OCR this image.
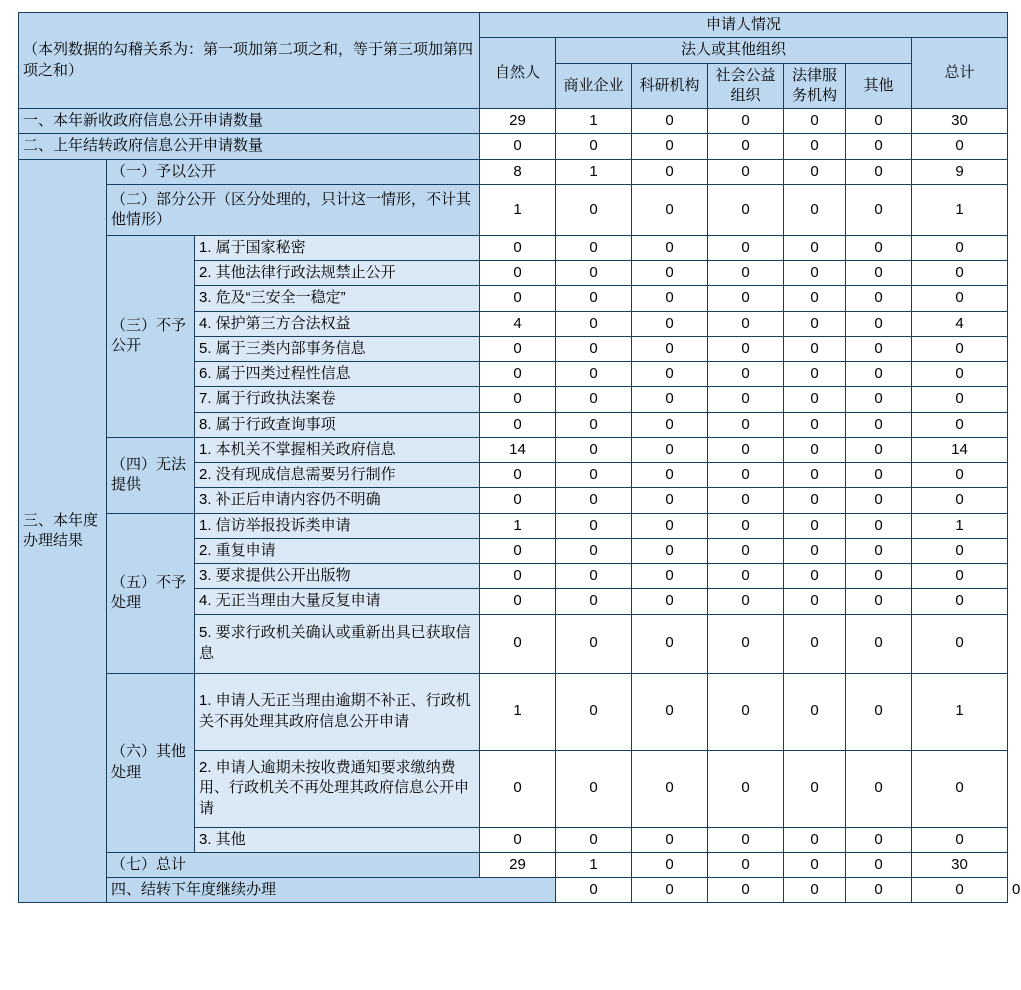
（本列数据的勾稽关系为：第一项加第二项之和，等于第三项加第四项之和）			申请人情况							
			自然人	法人或其他组织					总计	
				商业企业	科研机构	社会公益组织	法律服务机构	其他		
一、本年新收政府信息公开申请数量			29	1	0	0	0	0	30	
二、上年结转政府信息公开申请数量			0	0	0	0	0	0	0	
三、本年度办理结果	（一）予以公开		8	1	0	0	0	0	9	
	（二）部分公开（区分处理的，只计这一情形，不计其他情形）		1	0	0	0	0	0	1	
	（三）不予公开	1. 属于国家秘密	0	0	0	0	0	0	0	
		2. 其他法律行政法规禁止公开	0	0	0	0	0	0	0	
		3. 危及“三安全一稳定”	0	0	0	0	0	0	0	
		4. 保护第三方合法权益	4	0	0	0	0	0	4	
		5. 属于三类内部事务信息	0	0	0	0	0	0	0	
		6. 属于四类过程性信息	0	0	0	0	0	0	0	
		7. 属于行政执法案卷	0	0	0	0	0	0	0	
		8. 属于行政查询事项	0	0	0	0	0	0	0	
	（四）无法提供	1. 本机关不掌握相关政府信息	14	0	0	0	0	0	14	
		2. 没有现成信息需要另行制作	0	0	0	0	0	0	0	
		3. 补正后申请内容仍不明确	0	0	0	0	0	0	0	
	（五）不予处理	1. 信访举报投诉类申请	1	0	0	0	0	0	1	
		2. 重复申请	0	0	0	0	0	0	0	
		3. 要求提供公开出版物	0	0	0	0	0	0	0	
		4. 无正当理由大量反复申请	0	0	0	0	0	0	0	
		5. 要求行政机关确认或重新出具已获取信息	0	0	0	0	0	0	0	
	（六）其他处理	1. 申请人无正当理由逾期不补正、行政机关不再处理其政府信息公开申请	1	0	0	0	0	0	1	
		2. 申请人逾期未按收费通知要求缴纳费用、行政机关不再处理其政府信息公开申请	0	0	0	0	0	0	0	
		3. 其他	0	0	0	0	0	0	0	
	（七）总计		29	1	0	0	0	0	30	
	四、结转下年度继续办理			0	0	0	0	0	0	0
